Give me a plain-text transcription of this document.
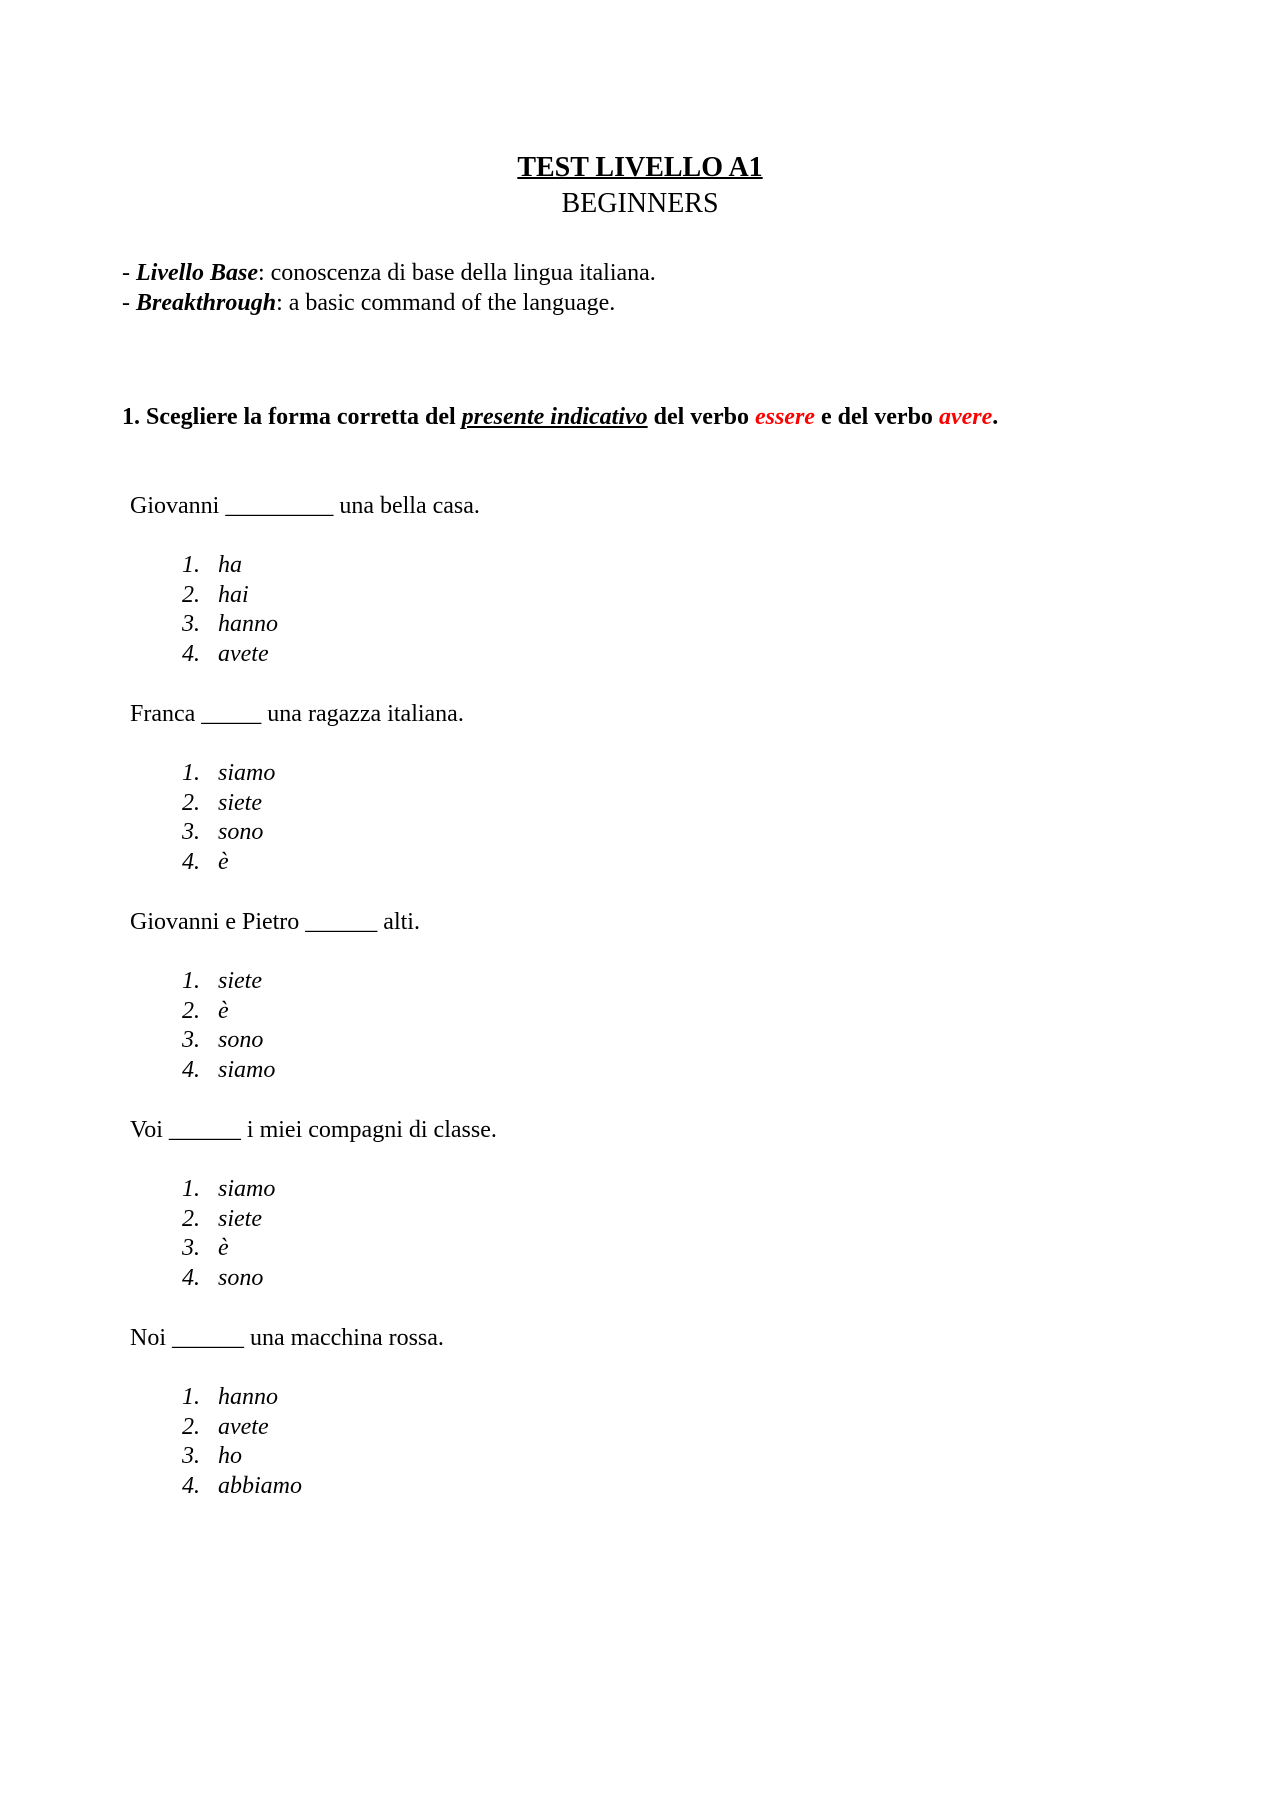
TEST LIVELLO A1
BEGINNERS
- Livello Base: conoscenza di base della lingua italiana.
- Breakthrough: a basic command of the language.
1. Scegliere la forma corretta del presente indicativo del verbo essere e del verbo avere.
Giovanni _________ una bella casa.
1. ha
2. hai
3. hanno
4. avete
Franca _____ una ragazza italiana.
1. siamo
2. siete
3. sono
4. è
Giovanni e Pietro ______ alti.
1. siete
2. è
3. sono
4. siamo
Voi ______ i miei compagni di classe.
1. siamo
2. siete
3. è
4. sono
Noi ______ una macchina rossa.
1. hanno
2. avete
3. ho
4. abbiamo
